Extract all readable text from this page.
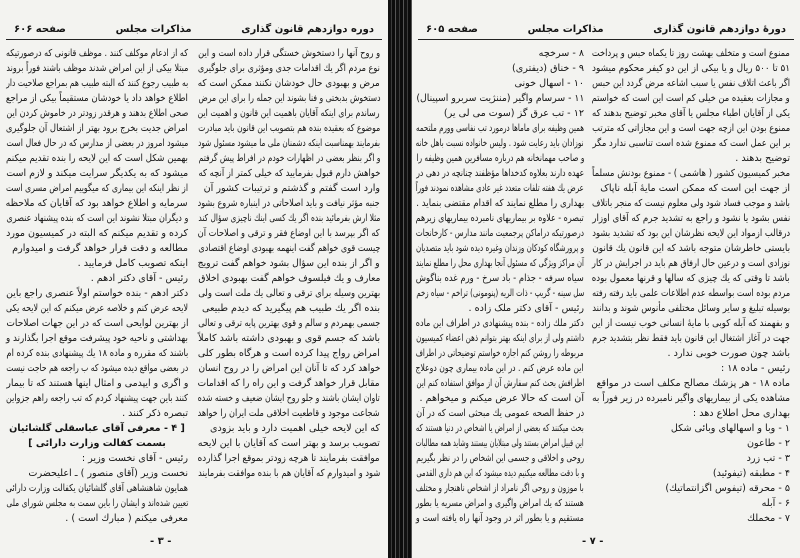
دوره دوازدهم قانون گذاری
مذاکرات مجلس
صفحه ۶۰۶
و روح آنها را دستخوش خستگی قرار داده است و این
نوع مردم اگر یك اقدامات جدی ومؤثری برای جلوگیری
مرض و بهبودی حال خودشان نکنند ممکن است که
دستخوش بدبختی و فنا بشوند این جمله را برای این مرض
رساندم برای اینکه آقایان باهمیت این قانون و اهمیت این
موضوع که بعقیده بنده هم بتصویب این قانون باید مبادرت
بفرمایند بهمناسبت اینکه دشمنان ملی ما میشود مسئول شود
و اگر بنظر بعضی در اظهارات خودم در افراط پیش گرفتم
خواهش دارم قبول بفرمایید که خیلی کمتر از آنچه که
وارد است گفتم و گذشتم و ترتیبات کشور آن
جنبه مؤثر نیافت و باید اصلاحاتی در اینباره شروع بشود
مثلا ارش بفرمائید بنده اگر یك کسی اینك ناچیزی سؤال کند
که اگر بپرسد با این اوضاع فقر و ترقی و اصلاحات آن
چیست قوی خواهم گفت اینهمه بهبودی اوضاع اقتصادی
و اگر از بنده این سؤال بشود خواهم گفت ترویج
معارف و یك فیلسوف خواهم گفت بهبودی اخلاق
بهترین وسیله برای ترقی و تعالی یك ملت است ولی
بنده اگر یك طبیب هم پیگیرید که دیدم طبیعی
جسمی بهمردم و سالم و قوی بهترین پایه ترقی و تعالی
باشد که جسم قوی و بهبودی داشته باشد کاملاً
امراض رواج پیدا کرده است و هرگاه بطور کلی
خواهد کرد که تا آنان این امراض را در روح انسان
مقابل قرار خواهد گرفت و این راه را که اقدامات
تاوان ایشان باشند و جلو روح ایشان ضعیف و خسته شده
شجاعت موجود و قاطعیت اخلاقی ملت ایران را خواهد
که این لایحه خیلی اهمیت دارد و باید بزودی
تصویب برسد و بهتر است که آقایان با این لایحه
موافقت بفرمایند تا هرچه زودتر بموقع اجرا گذارده
شود و امیدوارم که آقایان هم با بنده موافقت بفرمایند
که از ادعام موکلف کنند . موظف قانونی که درصورتیکه
مبتلا بیکی از این امراض شدند موظف باشند فوراً بروند
به طبیب رجوع کنند که البته طبیب هم بمراجع صلاحیت دار
اطلاع خواهد داد یا خودشان مستقیماً بیکی از مراجع
صحی اطلاع بدهند و هرقدر زودتر در خاموش کردن این
امراض جدیت بخرج برود بهتر از اشتعال آن جلوگیری
میشود امروز در بعضی از مدارس که در حال فعال است
بهمین شکل است که این لایحه را بنده تقدیم میکنم
میشود که به یکدیگر سرایت میکند و لازم است
از نظر اینکه این بیماری که میگوییم امراض مسری است
سرمایه و اطلاع خواهد بود که آقایان که ملاحظه
و دیگران مبتلا نشوند این است که بنده پیشنهاد عنصری
کرده و تقدیم میکنم که البته در کمیسیون مورد
مطالعه و دقت قرار خواهد گرفت و امیدوارم
اینکه تصویب کامل فرمایید .
رئیس - آقای دکتر ادهم .
دکتر ادهم - بنده خواستم اولاً عنصری راجع باین
لایحه عرض کنم و خلاصه عرض میکنم که این لایحه یکی
از بهترین لوایحی است که در این جهات اصلاحات
بهداشتی و ناحیه خود پیشرفت موقع اجرا بگذارند و
باشند که مقرره و ماده ۱۸ یك پیشنهادی بنده کرده ام
در بعضی مواقع دیده میشود که ب راجعه هم حاجت نیست
و اگری و ایپدمی و امثال اینها هستند که تا بیمار
کنند باین جهت پیشنهاد کردم که تب راجعه راهم جزواین
تبصره ذکر کنند .
[ ۴ - معرفی آقای عباسقلی گلشائیان
بسمت کفالت وزارت دارائی ]
رئیس - آقای نخست وزیر :
نخست وزیر (آقای منصور ) ـ اعلیحضرت
همایون شاهنشاهی آقای گلشائیان یکفالت وزارت دارائی
تعیین شده‌اند و ایشان را باین سمت به مجلس شورای ملی
معرفی میکنم ( مبارك است ) .
- ۳ -
دورهٔ دوازدهم قانون گذاری
مذاکرات مجلس
صفحه ۶۰۵
ممنوع است و متخلف بهشت روز تا یکماه حبس و پرداخت
۵۱ تا ۵۰۰ ریال و یا بیکی از این دو کیفر محکوم میشود
اگر باعث اتلاف نفس یا سبب اشاعه مرض گردد این حبس
و مجازات بعقیده من خیلی کم است این است که خواستم
یکی از آقایان اطباء مجلس یا آقای مخبر توضیح بدهند که
ممنوع بودن این ازچه جهت است و این مجازاتی که مترتب
بر این عمل است که ممنوع شده است تناسبی ندارد مگر
توضیح بدهند .
مخبر کمیسیون کشور ( هاشمی ) - ممنوع بودنش مسلماً
از جهت این است که ممکن است مایهٔ آبله ناپاک
باشد و موجب فساد شود ولی معلوم نیست که منجر باتلاف
نفس بشود یا نشود و راجع به تشدید جرم که آقای اوزار
درقالب ازمواد این لایحه نظرشان این بود که تشدید بشود
بایستی خاطرشان متوجه باشد که این قانون یك قانون
نوزادی است و درعین حال ارفاق هم باید در اجرایش در کار
باشد تا وقتی که یك چیزی که سالها و قرنها معمول بوده
مردم بوده است بواسطه عدم اطلاعات علمی باید رفته رفته
بوسیله تبلیغ و سایر وسائل مختلفی مأنوس شوند و بدانند
و بفهمند که آبله کوبی با مایهٔ انسانی خوب نیست از این
جهت در آغاز اشتغال این قانون باید فقط نظر بتشدید جرم
باشد چون صورت خوبی ندارد .
رئیس - ماده ۱۸ :
ماده ۱۸ - هر پزشك مصالح مکلف است در مواقع
مشاهده یکی از بیماریهای واگیر نامبرده در زیر فوراً به
بهداری محل اطلاع دهد :
۱ - وبا و اسهالهای وبائی شکل
۲ - طاعون
۳ - تب زرد
۴ - مطبقه (تیفوئید)
۵ - محرقه (تیفوس اگزانتماتیك)
۶ - آبله
۷ - مخملك
۸ - سرخچه
۹ - خناق (دیفتری)
۱۰ - اسهال خونی
۱۱ - سرسام واگیر (مننژیت سربرو اسپینال)
۱۲ - تب عرق گز (سوت می لی یر)
همین وظیفه برای ماماها درمورد تب نفاسی وورم ملتحمه
نوزادان باید رعایت شود . ولیس خانواده نسبت باهل خانه
و صاحب مهمانخانه هم درباره مسافرین همین وظیفه را
عهده دارند بعلاوه کدخداها مؤظفند چنانچه در دهی در
عرض یك هفته تلفات متعدد غیر عادی مشاهده نمودند فوراً
بهداری را مطلع نمایند که اقدام مقتضی بنماید .
تبصره - علاوه بر بیماریهای نامبرده بیماریهای زیرهم
درصورتیکه دراماکن پرجمعیت مانند مدارس - کارخانجات
و پرورشگاه کودکان وزندان وغیره دیده شود باید متصدیان
آن مراکز ویژگی که مسئول آنجا بهداری محل را مطلع نمایند
سیاه سرفه - جذام - باد سرخ - ورم غده بناگوش
سل سینه - گریپ - ذات الریه (پنومونی) تراخم - سیاه زخم
رئیس - آقای دکتر ملک زاده .
دکتر ملك زاده - بنده پیشنهادی در اطراف این ماده
داشتم ولی از برای اینکه بهتر بتوانم ذهن اعضاء کمیسیون
مربوطه را روشن کنم اجازه خواستم توضیحاتی در اطراف
این ماده عرض کنم . در این ماده بیماری چون دوعلاج
اطرافش بحث کنم سفارش آن از موافق استفاده کنم این
آن است که حالا عرض میکنم و میخواهم .
در حفظ الصحه عمومی یك مبحثی است که در آن
بحث میکنند که بعضی از امراض یا اشخاص در دنیا هستند که
این قبیل امراض بستند ولی مبتلایان بیستند وشاید همه مطالبات
روحی و اخلاقی و جسمی این اشخاص را در نظر بگیریم
و با دقت مطالعه میکنیم دیده میشود که این هم داری القدمی
با موزون و روحی اگر نامراد از اشخاص ناهنجار و مختلف
هستند که یك امراض واگیری و امراض مسریه یا بطور
مستقیم و یا بطور اثر در وجود آنها راه یافته است و
- ۷ -
